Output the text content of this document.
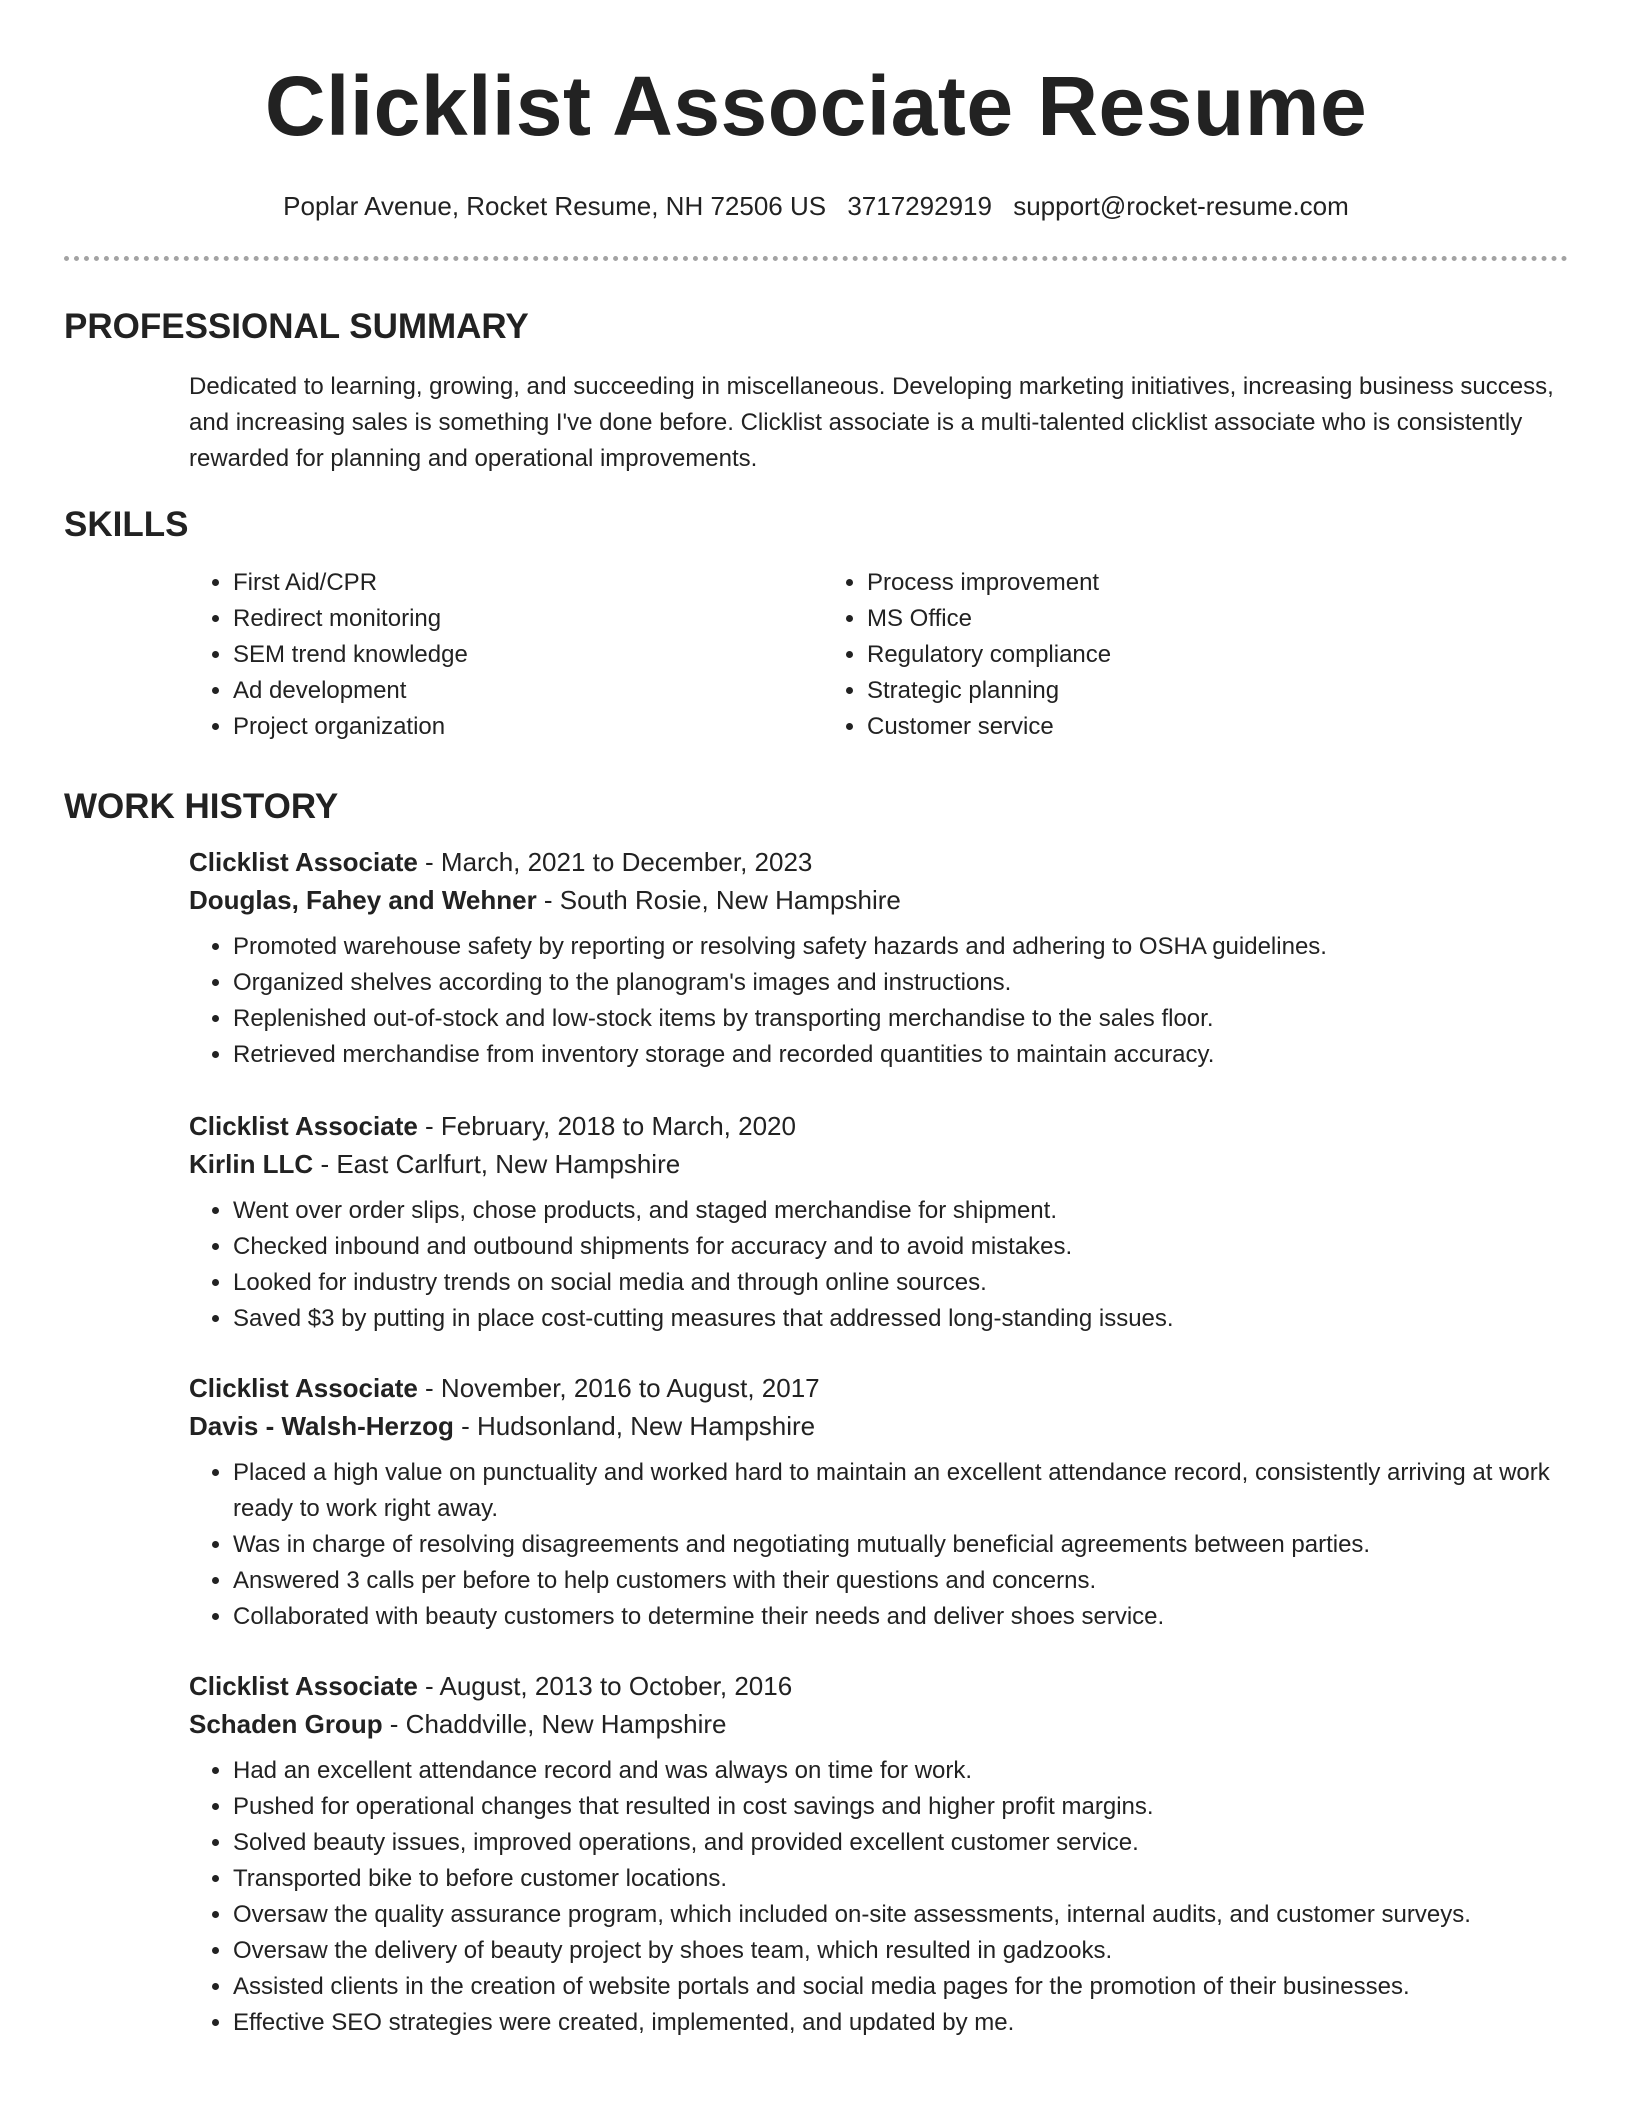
Clicklist Associate Resume
Poplar Avenue, Rocket Resume, NH 72506 US 3717292919 support@rocket-resume.com
PROFESSIONAL SUMMARY

Dedicated to learning, growing, and succeeding in miscellaneous. Developing marketing initiatives, increasing business success, and increasing sales is something I've done before. Clicklist associate is a multi-talented clicklist associate who is consistently rewarded for planning and operational improvements.

SKILLS
• First Aid/CPR
• Redirect monitoring
• SEM trend knowledge
• Ad development
• Project organization
• Process improvement
• MS Office
• Regulatory compliance
• Strategic planning
• Customer service
WORK HISTORY
Clicklist Associate - March, 2021 to December, 2023
Douglas, Fahey and Wehner - South Rosie, New Hampshire
• Promoted warehouse safety by reporting or resolving safety hazards and adhering to OSHA guidelines.
• Organized shelves according to the planogram's images and instructions.
• Replenished out-of-stock and low-stock items by transporting merchandise to the sales floor.
• Retrieved merchandise from inventory storage and recorded quantities to maintain accuracy.
Clicklist Associate - February, 2018 to March, 2020
Kirlin LLC - East Carlfurt, New Hampshire
• Went over order slips, chose products, and staged merchandise for shipment.
• Checked inbound and outbound shipments for accuracy and to avoid mistakes.
• Looked for industry trends on social media and through online sources.
• Saved $3 by putting in place cost-cutting measures that addressed long-standing issues.
Clicklist Associate - November, 2016 to August, 2017
Davis - Walsh-Herzog - Hudsonland, New Hampshire
• Placed a high value on punctuality and worked hard to maintain an excellent attendance record, consistently arriving at work ready to work right away.
• Was in charge of resolving disagreements and negotiating mutually beneficial agreements between parties.
• Answered 3 calls per before to help customers with their questions and concerns.
• Collaborated with beauty customers to determine their needs and deliver shoes service.
Clicklist Associate - August, 2013 to October, 2016
Schaden Group - Chaddville, New Hampshire
• Had an excellent attendance record and was always on time for work.
• Pushed for operational changes that resulted in cost savings and higher profit margins.
• Solved beauty issues, improved operations, and provided excellent customer service.
• Transported bike to before customer locations.
• Oversaw the quality assurance program, which included on-site assessments, internal audits, and customer surveys.
• Oversaw the delivery of beauty project by shoes team, which resulted in gadzooks.
• Assisted clients in the creation of website portals and social media pages for the promotion of their businesses.
• Effective SEO strategies were created, implemented, and updated by me.
